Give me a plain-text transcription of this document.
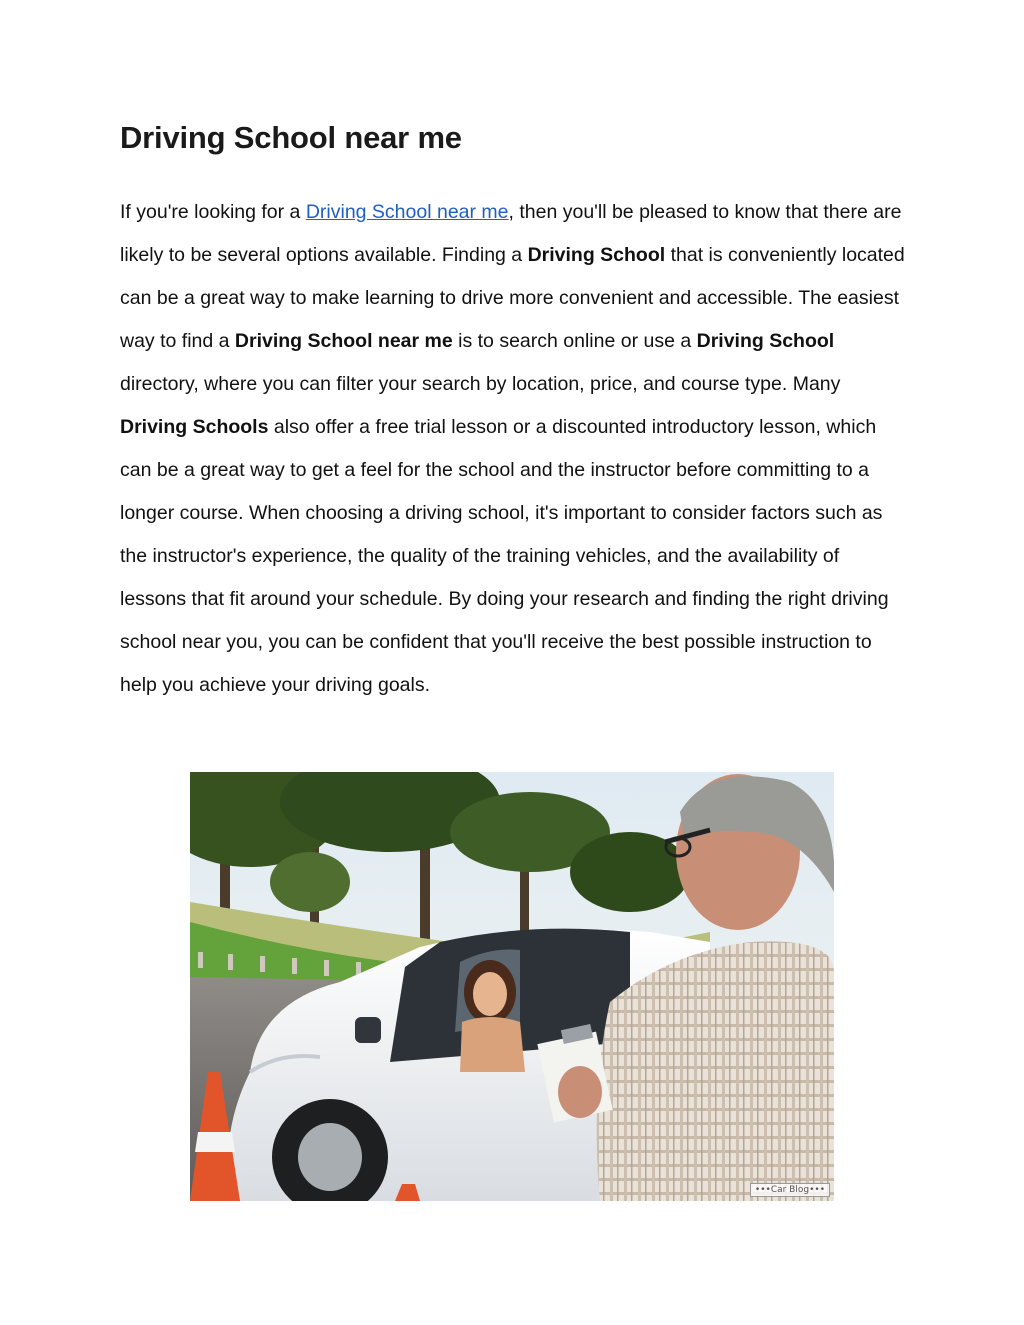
Driving School near me

If you're looking for a Driving School near me, then you'll be pleased to know that there are likely to be several options available. Finding a Driving School that is conveniently located can be a great way to make learning to drive more convenient and accessible. The easiest way to find a Driving School near me is to search online or use a Driving School directory, where you can filter your search by location, price, and course type. Many Driving Schools also offer a free trial lesson or a discounted introductory lesson, which can be a great way to get a feel for the school and the instructor before committing to a longer course. When choosing a driving school, it's important to consider factors such as the instructor's experience, the quality of the training vehicles, and the availability of lessons that fit around your schedule. By doing your research and finding the right driving school near you, you can be confident that you'll receive the best possible instruction to help you achieve your driving goals.

•••Car Blog•••
